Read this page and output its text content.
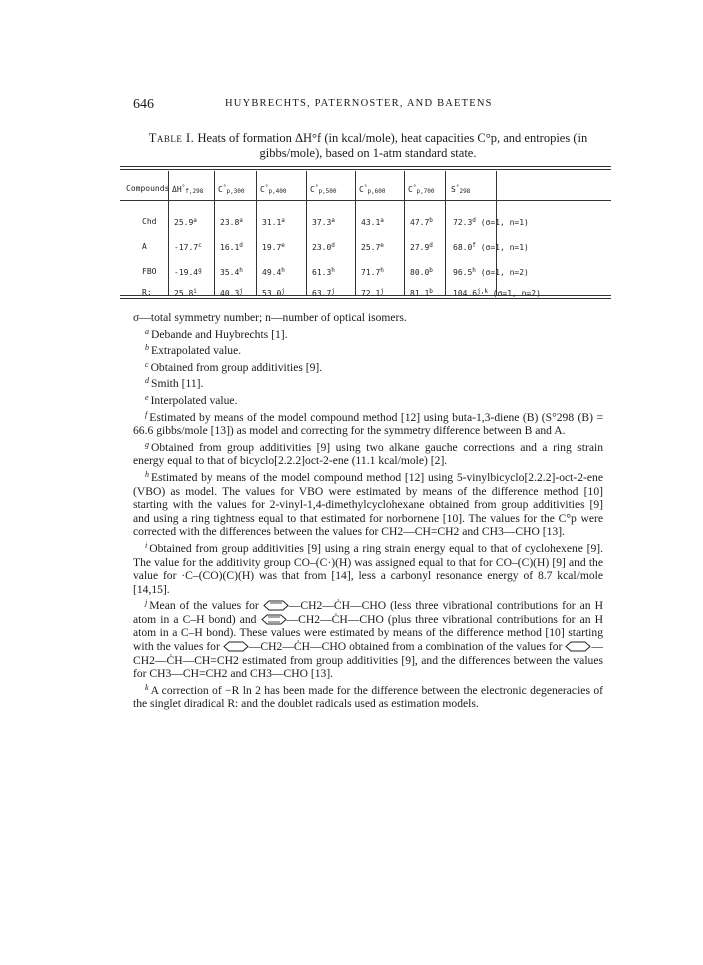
646	HUYBRECHTS, PATERNOSTER, AND BAETENS
Table I. Heats of formation ΔH°f (in kcal/mole), heat capacities C°p, and entropies (in gibbs/mole), based on 1-atm standard state.
Compounds $\Delta H^\circ_{f,298}$ $C^\circ_{p,300}$ $C^\circ_{p,400}$	$C^\circ_{p,500}$	$C^\circ_{p,600}$	$C^\circ_{p,700}$ $S^\circ_{298}$
Chd 25.9$^a$	23.8$^a$ 31.1$^a$	37.3$^a$	43.1$^a$	47.7$^b$	72.3$^d$ (σ=1, n=1)
A	-17.7$^c$ 16.1$^d$ 19.7e	23.0$^d$	25.7e	27.9$^d$	68.0$^f$ (σ=1, n=1)
FBO -19.4$^g$ 35.4$^h$ 49.4$^h$	61.3$^h$	71.7$^h$	80.0$^b$	96.5$^h$ (σ=1, n=2)
R:	25.8$^i$	40.3$^j$ 53.0$^j$	63.7$^j$	72.1$^j$	81.1$^b$	104.6$^{j,k}$ (σ=1, n=2)

σ—total symmetry number; n—number of optical isomers.

$^a$ Debande and Huybrechts [1].

$^b$ Extrapolated value.

$^c$ Obtained from group additivities [9].

$^d$ Smith [11].

$^e$ Interpolated value.

$^f$ Estimated by means of the model compound method [12] using buta-1,3-diene (B) (S°298 (B) = 66.6 gibbs/mole [13]) as model and correcting for the symmetry difference between B and A.

$^g$ Obtained from group additivities [9] using two alkane gauche corrections and a ring strain energy equal to that of bicyclo[2.2.2]oct-2-ene (11.1 kcal/mole) [2].

$^h$ Estimated by means of the model compound method [12] using 5-vinylbicyclo[2.2.2]-oct-2-ene (VBO) as model. The values for VBO were estimated by means of the difference method [10] starting with the values for 2-vinyl-1,4-dimethylcyclohexane obtained from group additivities [9] and using a ring tightness equal to that estimated for norbornene [10]. The values for the C°p were corrected with the differences between the values for CH2—CH=CH2 and CH3—CHO [13].

$^i$ Obtained from group additivities [9] using a ring strain energy equal to that of cyclohexene [9]. The value for the additivity group CO–(C·)(H) was assigned equal to that for CO–(C)(H) [9] and the value for ·C–(CO)(C)(H) was that from [14], less a carbonyl resonance energy of 8.7 kcal/mole [14,15].

$^j$ Mean of the values for	—CH2—ĊH—CHO (less three vibrational contributions for an H atom in a C–H bond) and	—CH2—ĊH—CHO (plus three vibrational contributions for an H atom in a C–H bond). These values were estimated by means of the difference method [10] starting with the values for —CH2—ĊH—CHO obtained from a combination of the values for —CH2—ĊH—CH=CH2 estimated from group additivities [9], and the differences between the values for CH3—CH=CH2 and CH3—CHO [13].

$^k$ A correction of −R ln 2 has been made for the difference between the electronic degeneracies of the singlet diradical R: and the doublet radicals used as estimation models.
